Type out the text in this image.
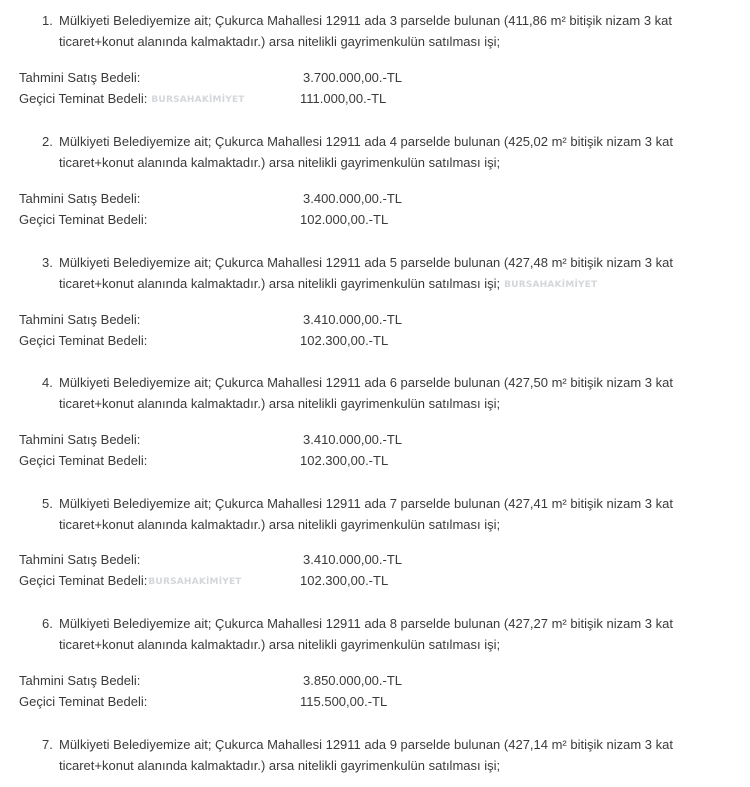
1. Mülkiyeti Belediyemize ait; Çukurca Mahallesi 12911 ada 3 parselde bulunan (411,86 m² bitişik nizam 3 kat
ticaret+konut alanında kalmaktadır.) arsa nitelikli gayrimenkulün satılması işi;

Tahmini Satış Bedeli:	3.700.000,00.-TL
Geçici Teminat Bedeli: BURSAHAKİMİYET	111.000,00.-TL

2. Mülkiyeti Belediyemize ait; Çukurca Mahallesi 12911 ada 4 parselde bulunan (425,02 m² bitişik nizam 3 kat
ticaret+konut alanında kalmaktadır.) arsa nitelikli gayrimenkulün satılması işi;

Tahmini Satış Bedeli:	3.400.000,00.-TL
Geçici Teminat Bedeli:	102.000,00.-TL

3. Mülkiyeti Belediyemize ait; Çukurca Mahallesi 12911 ada 5 parselde bulunan (427,48 m² bitişik nizam 3 kat
ticaret+konut alanında kalmaktadır.) arsa nitelikli gayrimenkulün satılması işi; BURSAHAKİMİYET

Tahmini Satış Bedeli:	3.410.000,00.-TL
Geçici Teminat Bedeli:	102.300,00.-TL

4. Mülkiyeti Belediyemize ait; Çukurca Mahallesi 12911 ada 6 parselde bulunan (427,50 m² bitişik nizam 3 kat
ticaret+konut alanında kalmaktadır.) arsa nitelikli gayrimenkulün satılması işi;

Tahmini Satış Bedeli:	3.410.000,00.-TL
Geçici Teminat Bedeli:	102.300,00.-TL

5. Mülkiyeti Belediyemize ait; Çukurca Mahallesi 12911 ada 7 parselde bulunan (427,41 m² bitişik nizam 3 kat
ticaret+konut alanında kalmaktadır.) arsa nitelikli gayrimenkulün satılması işi;

Tahmini Satış Bedeli:	3.410.000,00.-TL
Geçici Teminat Bedeli:BURSAHAKİMİYET	102.300,00.-TL

6. Mülkiyeti Belediyemize ait; Çukurca Mahallesi 12911 ada 8 parselde bulunan (427,27 m² bitişik nizam 3 kat
ticaret+konut alanında kalmaktadır.) arsa nitelikli gayrimenkulün satılması işi;

Tahmini Satış Bedeli:	3.850.000,00.-TL
Geçici Teminat Bedeli:	115.500,00.-TL

7. Mülkiyeti Belediyemize ait; Çukurca Mahallesi 12911 ada 9 parselde bulunan (427,14 m² bitişik nizam 3 kat
ticaret+konut alanında kalmaktadır.) arsa nitelikli gayrimenkulün satılması işi;
